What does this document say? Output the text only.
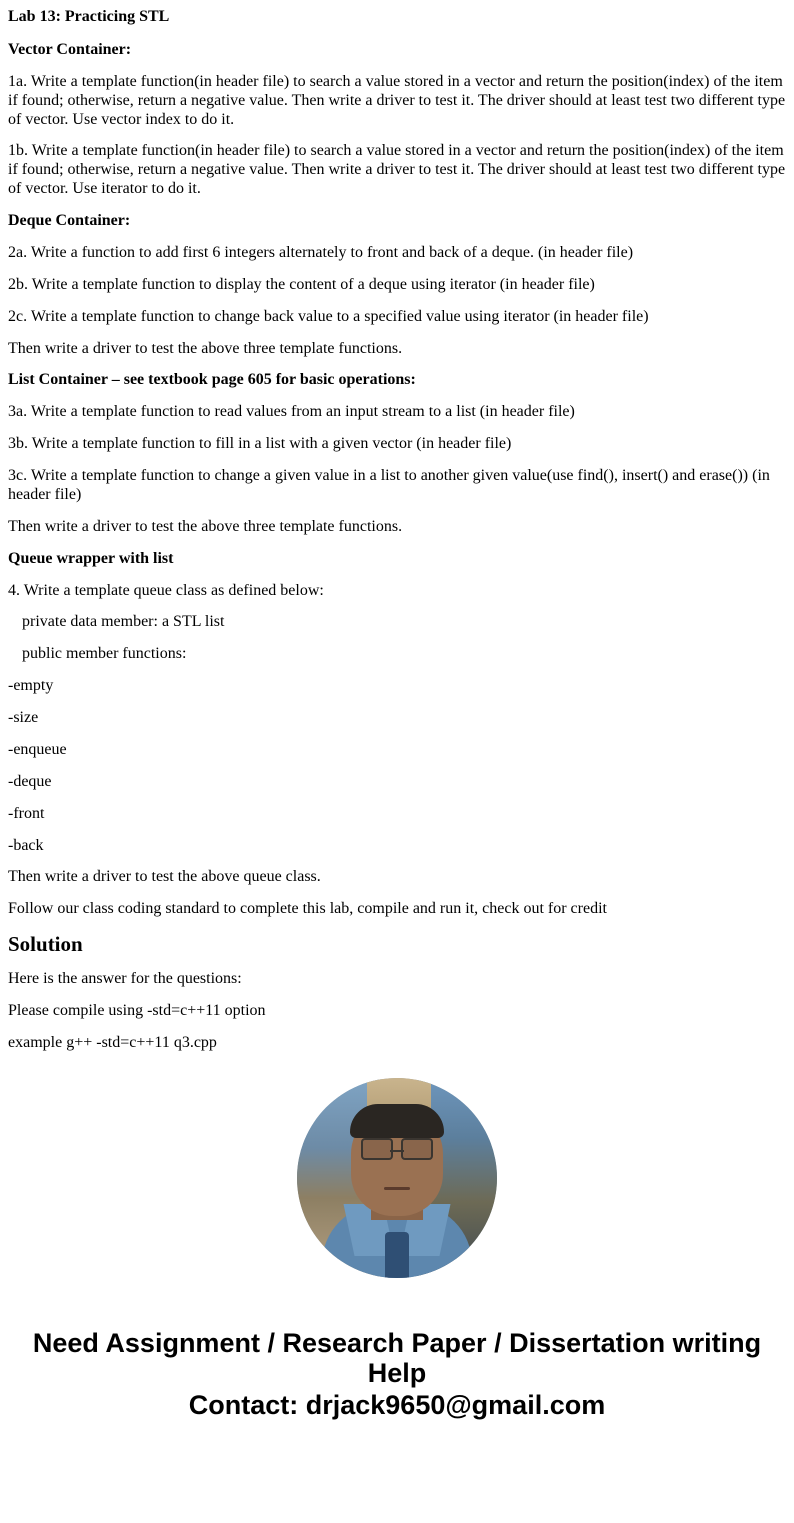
Lab 13: Practicing STL
Vector Container:
1a. Write a template function(in header file) to search a value stored in a vector and return the position(index) of the item if found; otherwise, return a negative value. Then write a driver to test it. The driver should at least test two different type of vector. Use vector index to do it.
1b. Write a template function(in header file) to search a value stored in a vector and return the position(index) of the item if found; otherwise, return a negative value. Then write a driver to test it. The driver should at least test two different type of vector. Use iterator to do it.
Deque Container:
2a. Write a function to add first 6 integers alternately to front and back of a deque. (in header file)
2b. Write a template function to display the content of a deque using iterator (in header file)
2c. Write a template function to change back value to a specified value using iterator (in header file)
Then write a driver to test the above three template functions.
List Container – see textbook page 605 for basic operations:
3a. Write a template function to read values from an input stream to a list (in header file)
3b. Write a template function to fill in a list with a given vector (in header file)
3c. Write a template function to change a given value in a list to another given value(use find(), insert() and erase()) (in header file)
Then write a driver to test the above three template functions.
Queue wrapper with list
4. Write a template queue class as defined below:
private data member: a STL list
public member functions:
-empty
-size
-enqueue
-deque
-front
-back
Then write a driver to test the above queue class.
Follow our class coding standard to complete this lab, compile and run it, check out for credit
Solution
Here is the answer for the questions:
Please compile using -std=c++11 option
example g++ -std=c++11 q3.cpp
Need Assignment / Research Paper / Dissertation writing Help
Contact: drjack9650@gmail.com
